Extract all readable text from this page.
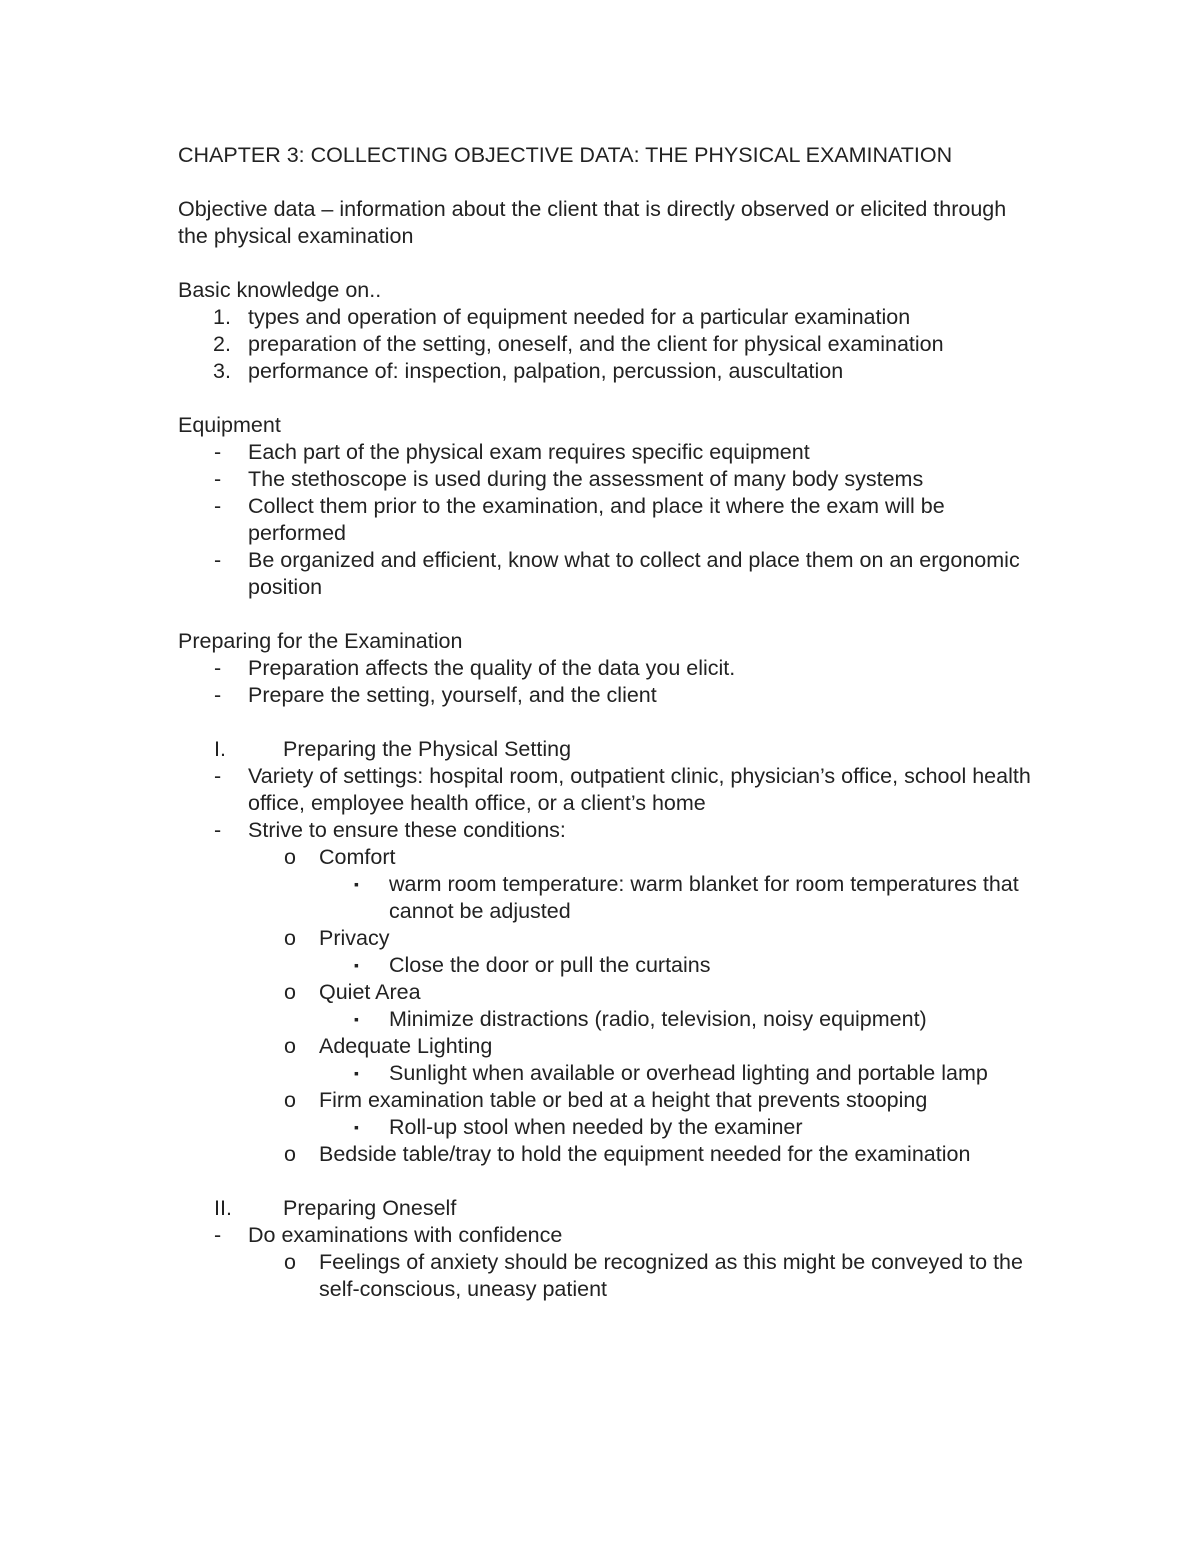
CHAPTER 3: COLLECTING OBJECTIVE DATA: THE PHYSICAL EXAMINATION

Objective data – information about the client that is directly observed or elicited through the physical examination

Basic knowledge on..

1. types and operation of equipment needed for a particular examination
2. preparation of the setting, oneself, and the client for physical examination
3. performance of: inspection, palpation, percussion, auscultation

Equipment

- Each part of the physical exam requires specific equipment
- The stethoscope is used during the assessment of many body systems
- Collect them prior to the examination, and place it where the exam will be performed
- Be organized and efficient, know what to collect and place them on an ergonomic position

Preparing for the Examination

- Preparation affects the quality of the data you elicit.
- Prepare the setting, yourself, and the client
I.	Preparing the Physical Setting
- Variety of settings: hospital room, outpatient clinic, physician’s office, school health office, employee health office, or a client’s home
- Strive to ensure these conditions:
o Comfort
▪ warm room temperature: warm blanket for room temperatures that cannot be adjusted
o Privacy
▪ Close the door or pull the curtains
o Quiet Area
▪ Minimize distractions (radio, television, noisy equipment)
o Adequate Lighting
▪ Sunlight when available or overhead lighting and portable lamp
o Firm examination table or bed at a height that prevents stooping
▪ Roll-up stool when needed by the examiner
o Bedside table/tray to hold the equipment needed for the examination
II. Preparing Oneself
- Do examinations with confidence
o Feelings of anxiety should be recognized as this might be conveyed to the self-conscious, uneasy patient
